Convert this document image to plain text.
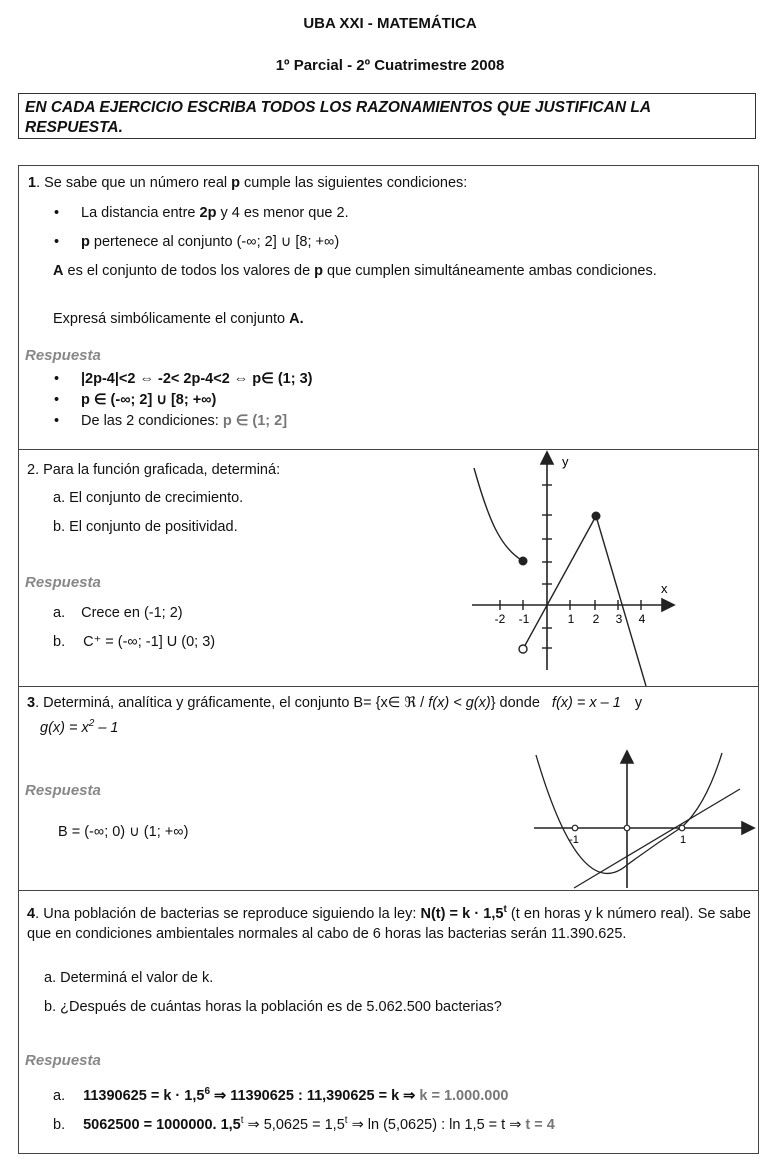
UBA XXI - MATEMÁTICA
1º Parcial - 2º Cuatrimestre 2008
EN CADA EJERCICIO ESCRIBA TODOS LOS RAZONAMIENTOS QUE JUSTIFICAN LA RESPUESTA.
1. Se sabe que un número real p cumple las siguientes condiciones:
• La distancia entre 2p y 4 es menor que 2.
• p pertenece al conjunto (-∞; 2] ∪ [8; +∞)
A es el conjunto de todos los valores de p que cumplen simultáneamente ambas condiciones.
Expresá simbólicamente el conjunto A.
Respuesta
• |2p-4|<2 ⇔ -2< 2p-4<2 ⇔ p∈ (1; 3)
• p ∈ (-∞; 2] ∪ [8; +∞)
• De las 2 condiciones: p ∈ (1; 2]
2. Para la función graficada, determiná:
a. El conjunto de crecimiento.
b. El conjunto de positividad.
Respuesta
a. Crece en (-1; 2)
b. C⁺ = (-∞; -1] U (0; 3)
y
x
-2 -1	1 2 3 4
3. Determiná, analítica y gráficamente, el conjunto B= {x∈ ℜ / f(x) < g(x)} donde f(x) = x – 1 y
$g(x) = x^2 - 1$
Respuesta
B = (-∞; 0) ∪ (1; +∞)	-1	1
4. Una población de bacterias se reproduce siguiendo la ley: $N(t) = k \cdot 1,5^t$ (t en horas y k número real). Se sabe que en condiciones ambientales normales al cabo de 6 horas las bacterias serán 11.390.625.
a. Determiná el valor de k.
b. ¿Después de cuántas horas la población es de 5.062.500 bacterias?
Respuesta
a. $11390625 = k \cdot 1,5^6$ ⇒ 11390625 : 11,390625 = k ⇒ k = 1.000.000
b. 5062500 = 1000000. 1,5$^t$ ⇒ $5,0625 = 1,5^t$ ⇒ ln (5,0625) : ln 1,5 = t ⇒ t = 4
